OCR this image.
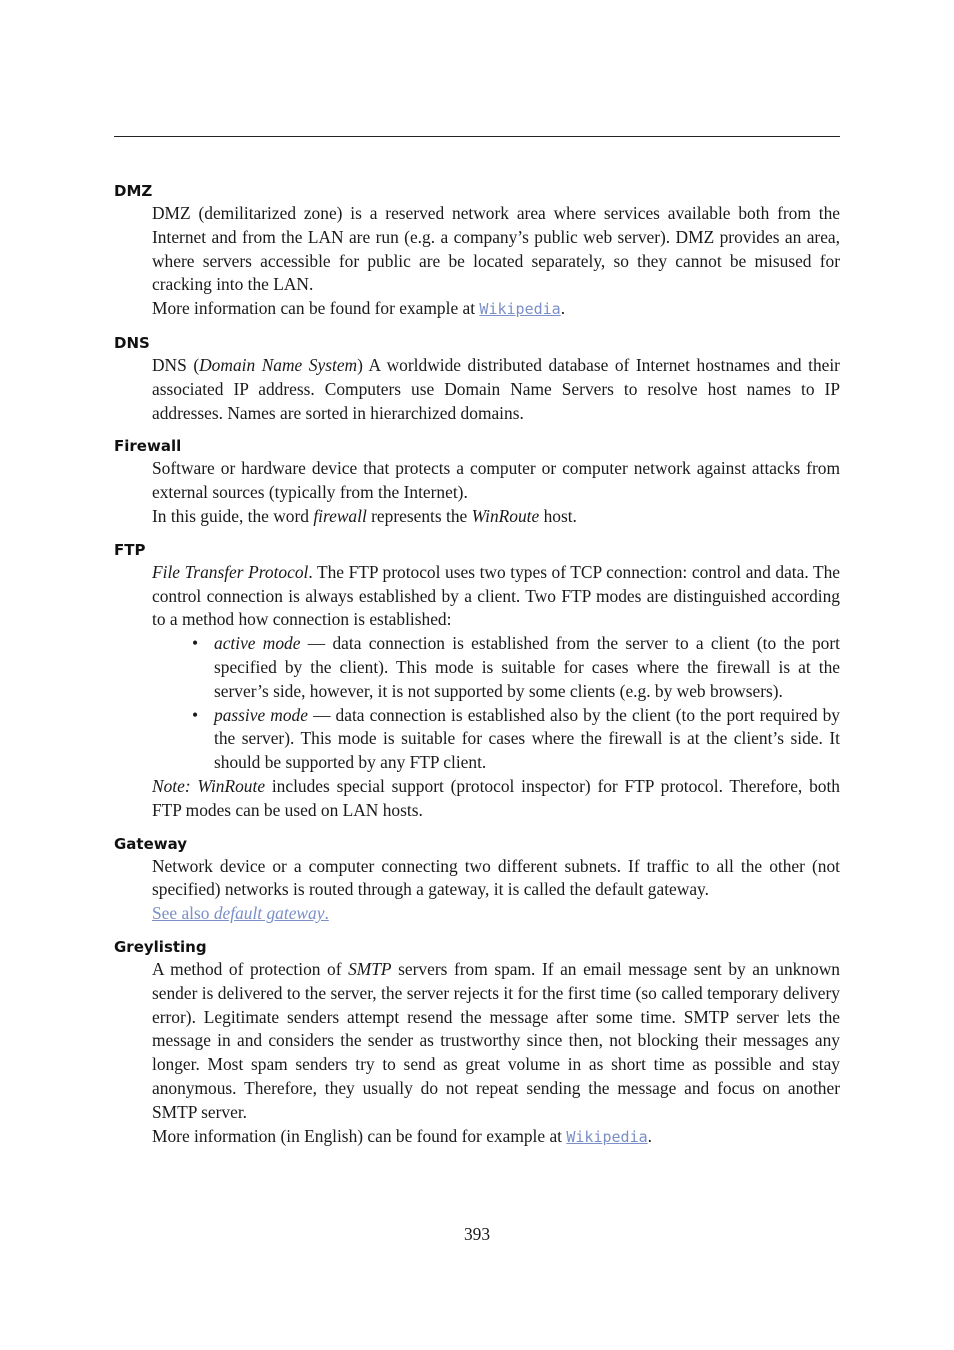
DMZ

DMZ (demilitarized zone) is a reserved network area where services available both from the Internet and from the LAN are run (e.g. a company’s public web server). DMZ provides an area, where servers accessible for public are be located separately, so they cannot be misused for cracking into the LAN.

More information can be found for example at Wikipedia.

DNS

DNS (Domain Name System) A worldwide distributed database of Internet hostnames and their associated IP address. Computers use Domain Name Servers to resolve host names to IP addresses. Names are sorted in hierarchized domains.

Firewall

Software or hardware device that protects a computer or computer network against attacks from external sources (typically from the Internet).

In this guide, the word firewall represents the WinRoute host.

FTP

File Transfer Protocol. The FTP protocol uses two types of TCP connection: control and data. The control connection is always established by a client. Two FTP modes are distinguished according to a method how connection is established:

• active mode — data connection is established from the server to a client (to the port specified by the client). This mode is suitable for cases where the firewall is at the server’s side, however, it is not supported by some clients (e.g. by web browsers).
• passive mode — data connection is established also by the client (to the port required by the server). This mode is suitable for cases where the firewall is at the client’s side. It should be supported by any FTP client.

Note: WinRoute includes special support (protocol inspector) for FTP protocol. Therefore, both FTP modes can be used on LAN hosts.

Gateway

Network device or a computer connecting two different subnets. If traffic to all the other (not specified) networks is routed through a gateway, it is called the default gateway.

See also default gateway.

Greylisting

A method of protection of SMTP servers from spam. If an email message sent by an unknown sender is delivered to the server, the server rejects it for the first time (so called temporary delivery error). Legitimate senders attempt resend the message after some time. SMTP server lets the message in and considers the sender as trustworthy since then, not blocking their messages any longer. Most spam senders try to send as great volume in as short time as possible and stay anonymous. Therefore, they usually do not repeat sending the message and focus on another SMTP server.

More information (in English) can be found for example at Wikipedia.

393
